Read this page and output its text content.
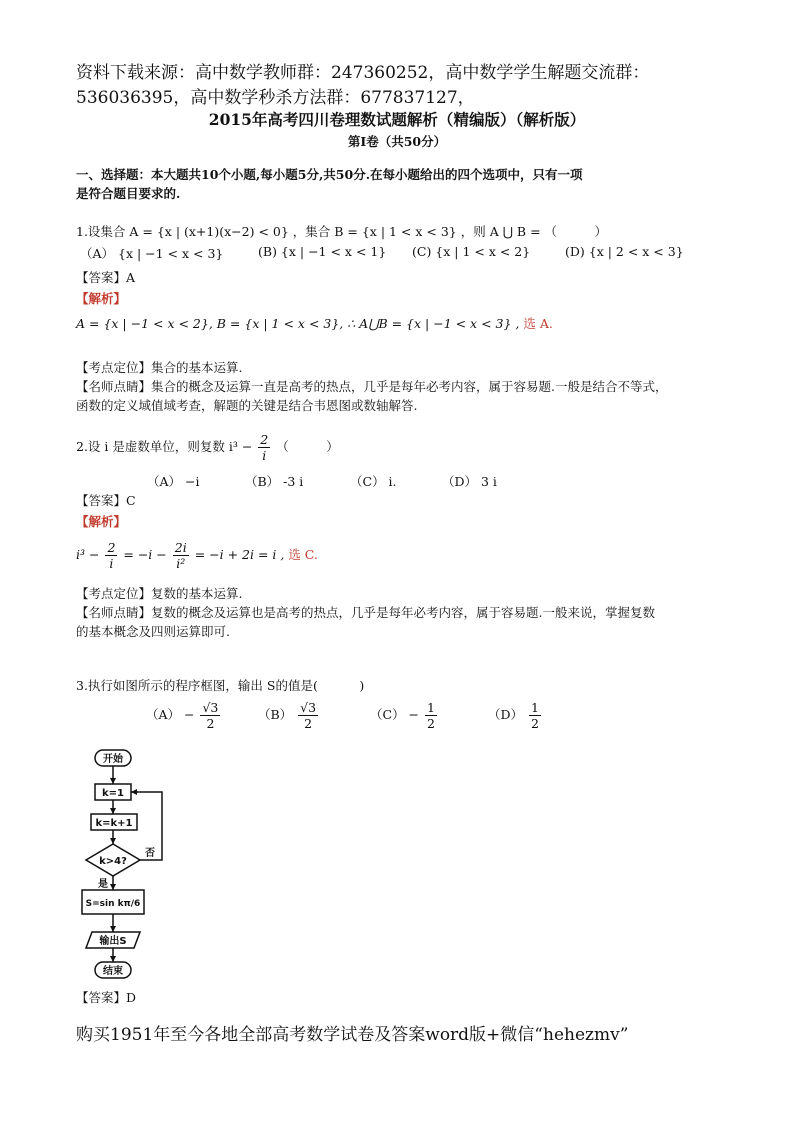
资料下载来源：高中数学教师群：247360252，高中数学学生解题交流群：
536036395，高中数学秒杀方法群：677837127，
2015年高考四川卷理数试题解析（精编版）（解析版）
第Ⅰ卷（共50分）
一、选择题：本大题共10个小题,每小题5分,共50分.在每小题给出的四个选项中，只有一项
是符合题目要求的.
1.设集合 A = {x | (x+1)(x−2) < 0} ，集合 B = {x | 1 < x < 3} ，则 A ⋃ B = （　　　）
（A） {x | −1 < x < 3}	(B) {x | −1 < x < 1} (C) {x | 1 < x < 2}	(D) {x | 2 < x < 3}
【答案】A
【解析】
A = {x | −1 < x < 2}, B = {x | 1 < x < 3}, ∴ A⋃B = {x | −1 < x < 3} , 选 A.
【考点定位】集合的基本运算.
【名师点睛】集合的概念及运算一直是高考的热点，几乎是每年必考内容，属于容易题.一般是结合不等式，
函数的定义域值域考查，解题的关键是结合韦恩图或数轴解答.
2.设 i 是虚数单位，则复数 $i^3 - \frac{2}{i}$ （　　　）
（A） −i	（B） -3 i	（C） i.	（D） 3 i
【答案】C
【解析】
$i^3 - \frac{2}{i} = -i - \frac{2i}{\text{i²}} = -i + 2i = i$ , 选 C.
【考点定位】复数的基本运算.
【名师点睛】复数的概念及运算也是高考的热点，几乎是每年必考内容，属于容易题.一般来说，掌握复数
的基本概念及四则运算即可.
3.执行如图所示的程序框图，输出 S的值是(　　　 )
$(A) - \frac{√3}{2}$	$(B) \frac{√3}{2}$	$(C) - \frac{1}{2}$	$(D) \frac{1}{2}$
开始
k=1
k=k+1
k>4?
否
是
S=sin kπ/6
输出S
结束
【答案】D
购买1951年至今各地全部高考数学试卷及答案word版+微信“hehezmv”
